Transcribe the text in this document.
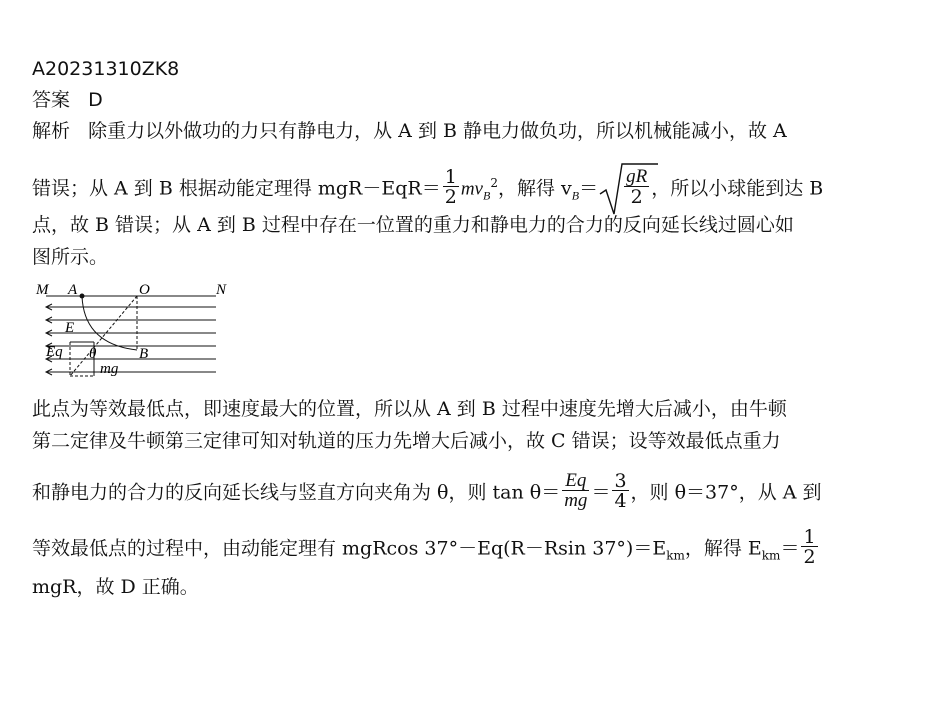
A20231310ZK8
答案 D
解析 除重力以外做功的力只有静电力，从 A 到 B 静电力做负功，所以机械能减小，故 A
错误；从 A 到 B 根据动能定理得 $mgR-EqR= \frac{1}{2} mv_B^2$，解得 $v_B= \frac{gR}{2}$ ，所以小球能到达 B
点，故 B 错误；从 A 到 B 过程中存在一位置的重力和静电力的合力的反向延长线过圆心如
图所示。
M A	O	N
E
Eq θ	B
mg
此点为等效最低点，即速度最大的位置，所以从 A 到 B 过程中速度先增大后减小，由牛顿
第二定律及牛顿第三定律可知对轨道的压力先增大后减小，故 C 错误；设等效最低点重力
和静电力的合力的反向延长线与竖直方向夹角为 θ，则 $\tan \theta= \frac{Eq}{mg} = \frac{3}{4}$ ，则 θ＝37°，从 A 到
等效最低点的过程中，由动能定理有 mgRcos 37°－Eq(R－Rsin $37^\circ)=E_{km}$，解得 $E_{km}= \frac{1}{2}$
mgR，故 D 正确。
